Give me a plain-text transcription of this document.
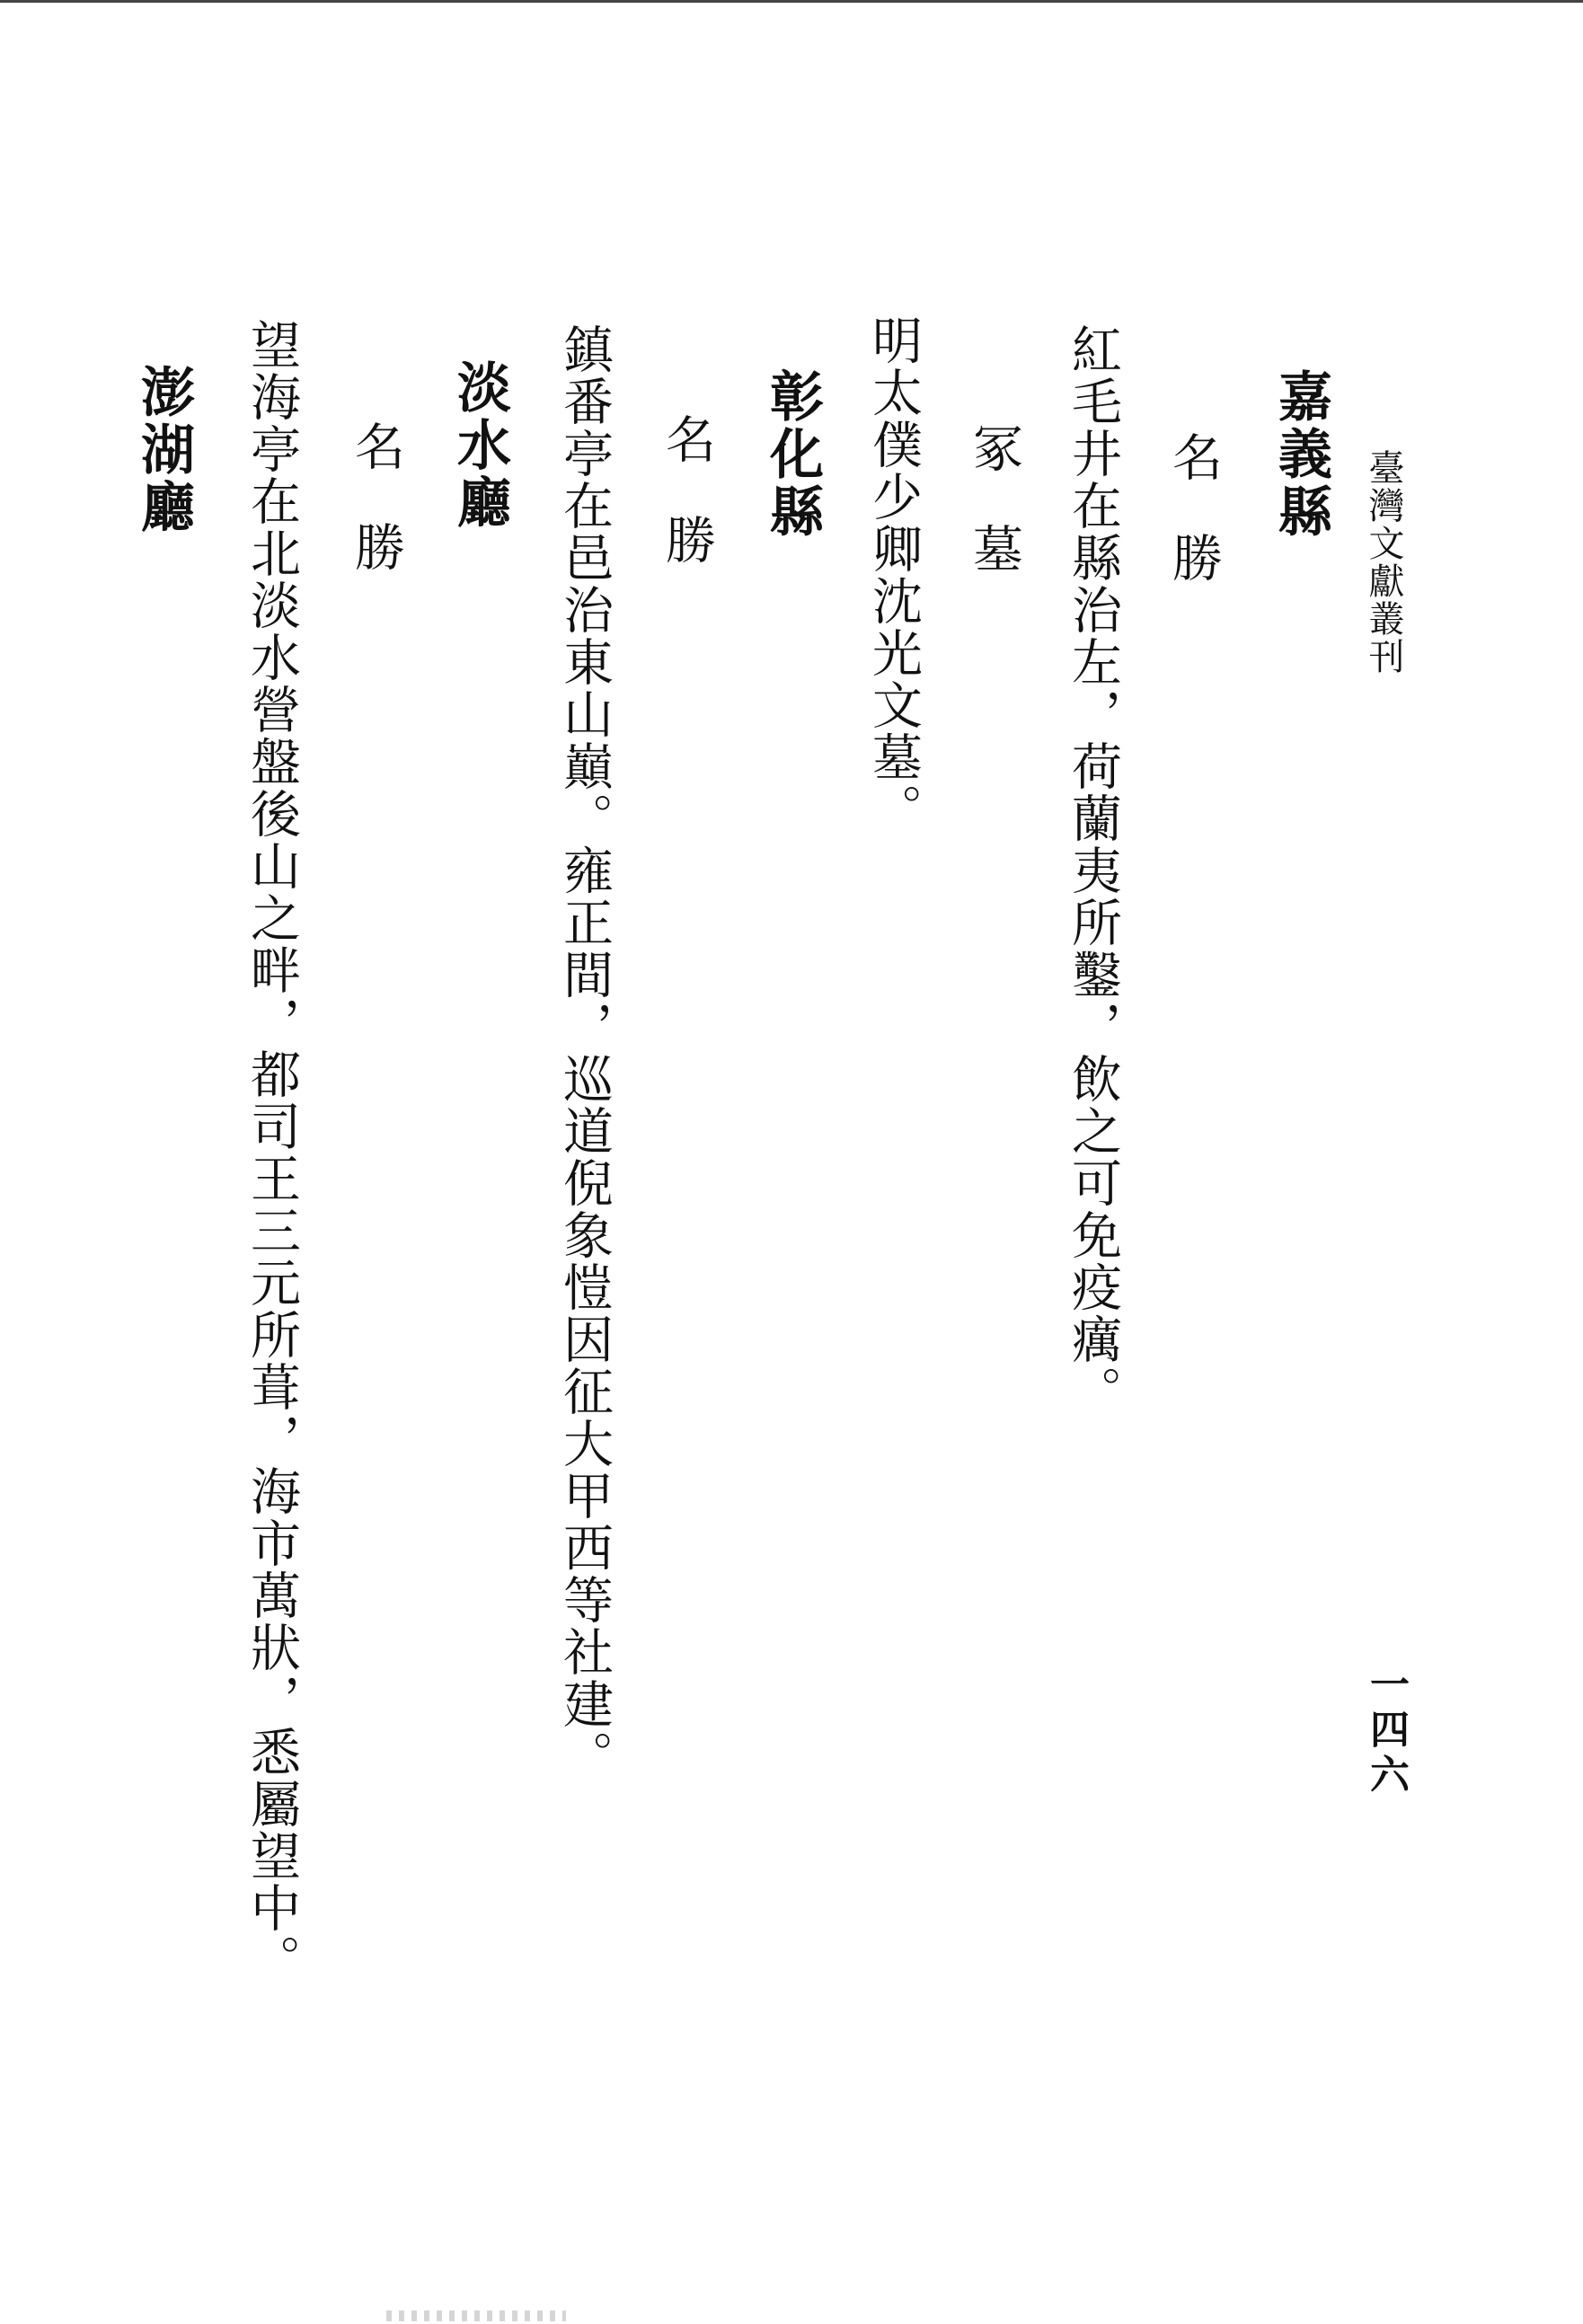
臺灣文獻叢刊
一四六
嘉義縣
名勝
紅毛井在縣治左，荷蘭夷所鑿，飲之可免疫癘。
冢墓
明太僕少卿沈光文墓。
彰化縣
名勝
鎮番亭在邑治東山巔。雍正間，巡道倪象愷因征大甲西等社建。
淡水廳
名勝
望海亭在北淡水營盤後山之畔，都司王三元所葺，海市萬狀，悉屬望中。
澎湖廳
